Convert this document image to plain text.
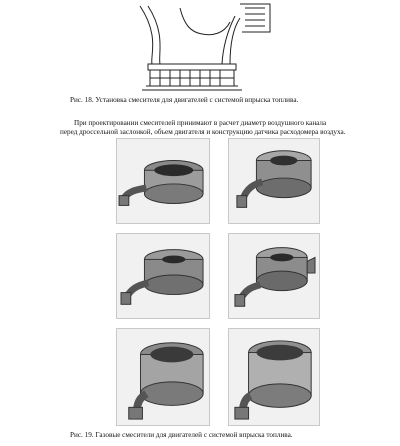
Рис. 18. Установка смесителя для двигателей с системой впрыска топлива.
При проектировании смесителей принимают в расчет диаметр воздушного канала
перед дроссельной заслонкой, объем двигателя и конструкцию датчика расходомера воздуха.
Рис. 19. Газовые смесители для двигателей с системой впрыска топлива.
